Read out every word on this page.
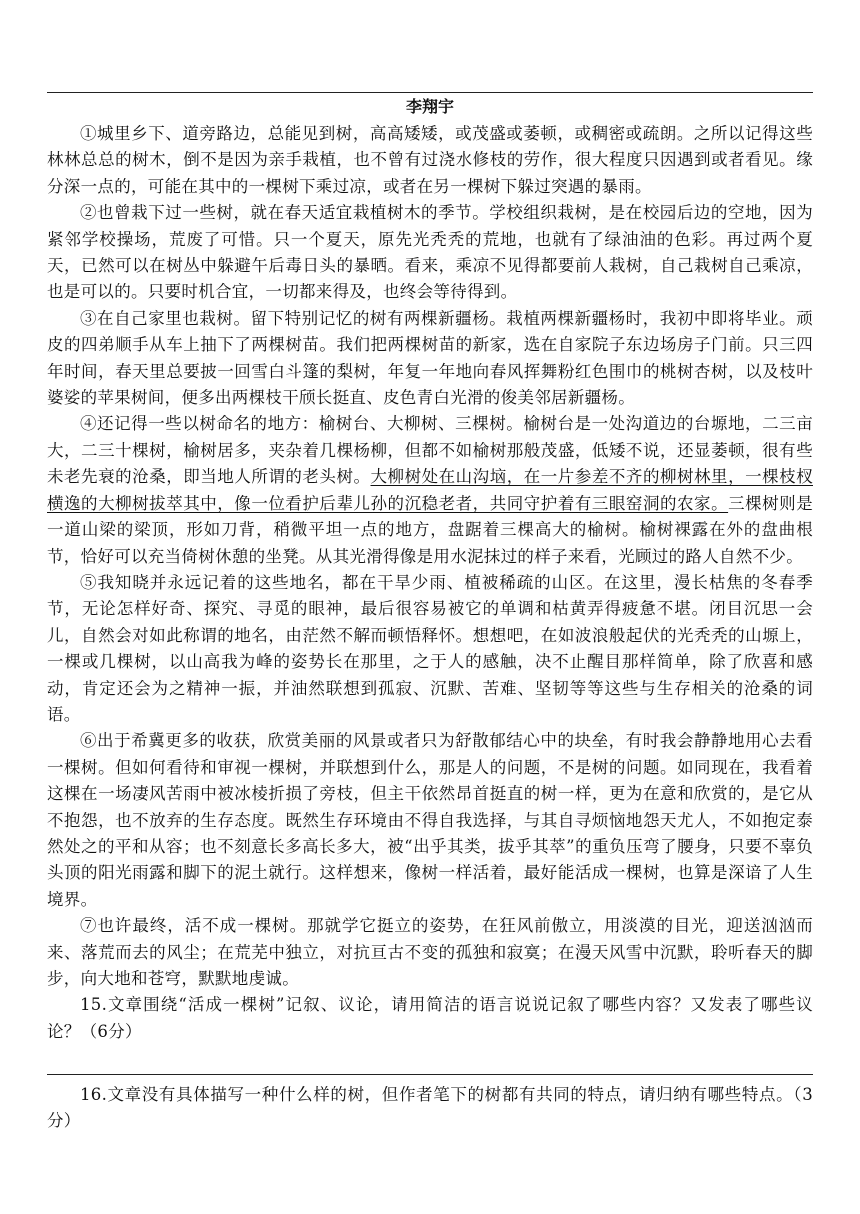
李翔宇

①城里乡下、道旁路边，总能见到树，高高矮矮，或茂盛或萎顿，或稠密或疏朗。之所以记得这些林林总总的树木，倒不是因为亲手栽植，也不曾有过浇水修枝的劳作，很大程度只因遇到或者看见。缘分深一点的，可能在其中的一棵树下乘过凉，或者在另一棵树下躲过突遇的暴雨。

②也曾栽下过一些树，就在春天适宜栽植树木的季节。学校组织栽树，是在校园后边的空地，因为紧邻学校操场，荒废了可惜。只一个夏天，原先光秃秃的荒地，也就有了绿油油的色彩。再过两个夏天，已然可以在树丛中躲避午后毒日头的暴晒。看来，乘凉不见得都要前人栽树，自己栽树自己乘凉，也是可以的。只要时机合宜，一切都来得及，也终会等待得到。

③在自己家里也栽树。留下特别记忆的树有两棵新疆杨。栽植两棵新疆杨时，我初中即将毕业。顽皮的四弟顺手从车上抽下了两棵树苗。我们把两棵树苗的新家，选在自家院子东边场房子门前。只三四年时间，春天里总要披一回雪白斗篷的梨树，年复一年地向春风挥舞粉红色围巾的桃树杏树，以及枝叶婆娑的苹果树间，便多出两棵枝干颀长挺直、皮色青白光滑的俊美邻居新疆杨。

④还记得一些以树命名的地方：榆树台、大柳树、三棵树。榆树台是一处沟道边的台塬地，二三亩大，二三十棵树，榆树居多，夹杂着几棵杨柳，但都不如榆树那般茂盛，低矮不说，还显萎顿，很有些未老先衰的沧桑，即当地人所谓的老头树。大柳树处在山沟垴，在一片参差不齐的柳树林里，一棵枝杈横逸的大柳树拔萃其中，像一位看护后辈儿孙的沉稳老者，共同守护着有三眼窑洞的农家。三棵树则是一道山梁的梁顶，形如刀背，稍微平坦一点的地方，盘踞着三棵高大的榆树。榆树裸露在外的盘曲根节，恰好可以充当倚树休憩的坐凳。从其光滑得像是用水泥抹过的样子来看，光顾过的路人自然不少。

⑤我知晓并永远记着的这些地名，都在干旱少雨、植被稀疏的山区。在这里，漫长枯焦的冬春季节，无论怎样好奇、探究、寻觅的眼神，最后很容易被它的单调和枯黄弄得疲惫不堪。闭目沉思一会儿，自然会对如此称谓的地名，由茫然不解而顿悟释怀。想想吧，在如波浪般起伏的光秃秃的山塬上，一棵或几棵树，以山高我为峰的姿势长在那里，之于人的感触，决不止醒目那样简单，除了欣喜和感动，肯定还会为之精神一振，并油然联想到孤寂、沉默、苦难、坚韧等等这些与生存相关的沧桑的词语。

⑥出于希冀更多的收获，欣赏美丽的风景或者只为舒散郁结心中的块垒，有时我会静静地用心去看一棵树。但如何看待和审视一棵树，并联想到什么，那是人的问题，不是树的问题。如同现在，我看着这棵在一场凄风苦雨中被冰棱折损了旁枝，但主干依然昂首挺直的树一样，更为在意和欣赏的，是它从不抱怨，也不放弃的生存态度。既然生存环境由不得自我选择，与其自寻烦恼地怨天尤人，不如抱定泰然处之的平和从容；也不刻意长多高长多大，被“出乎其类，拔乎其萃”的重负压弯了腰身，只要不辜负头顶的阳光雨露和脚下的泥土就行。这样想来，像树一样活着，最好能活成一棵树，也算是深谙了人生境界。

⑦也许最终，活不成一棵树。那就学它挺立的姿势，在狂风前傲立，用淡漠的目光，迎送汹汹而来、落荒而去的风尘；在荒芜中独立，对抗亘古不变的孤独和寂寞；在漫天风雪中沉默，聆听春天的脚步，向大地和苍穹，默默地虔诚。

15.文章围绕“活成一棵树”记叙、议论，请用简洁的语言说说记叙了哪些内容？又发表了哪些议论？（6分）

16.文章没有具体描写一种什么样的树，但作者笔下的树都有共同的特点，请归纳有哪些特点。（3分）
